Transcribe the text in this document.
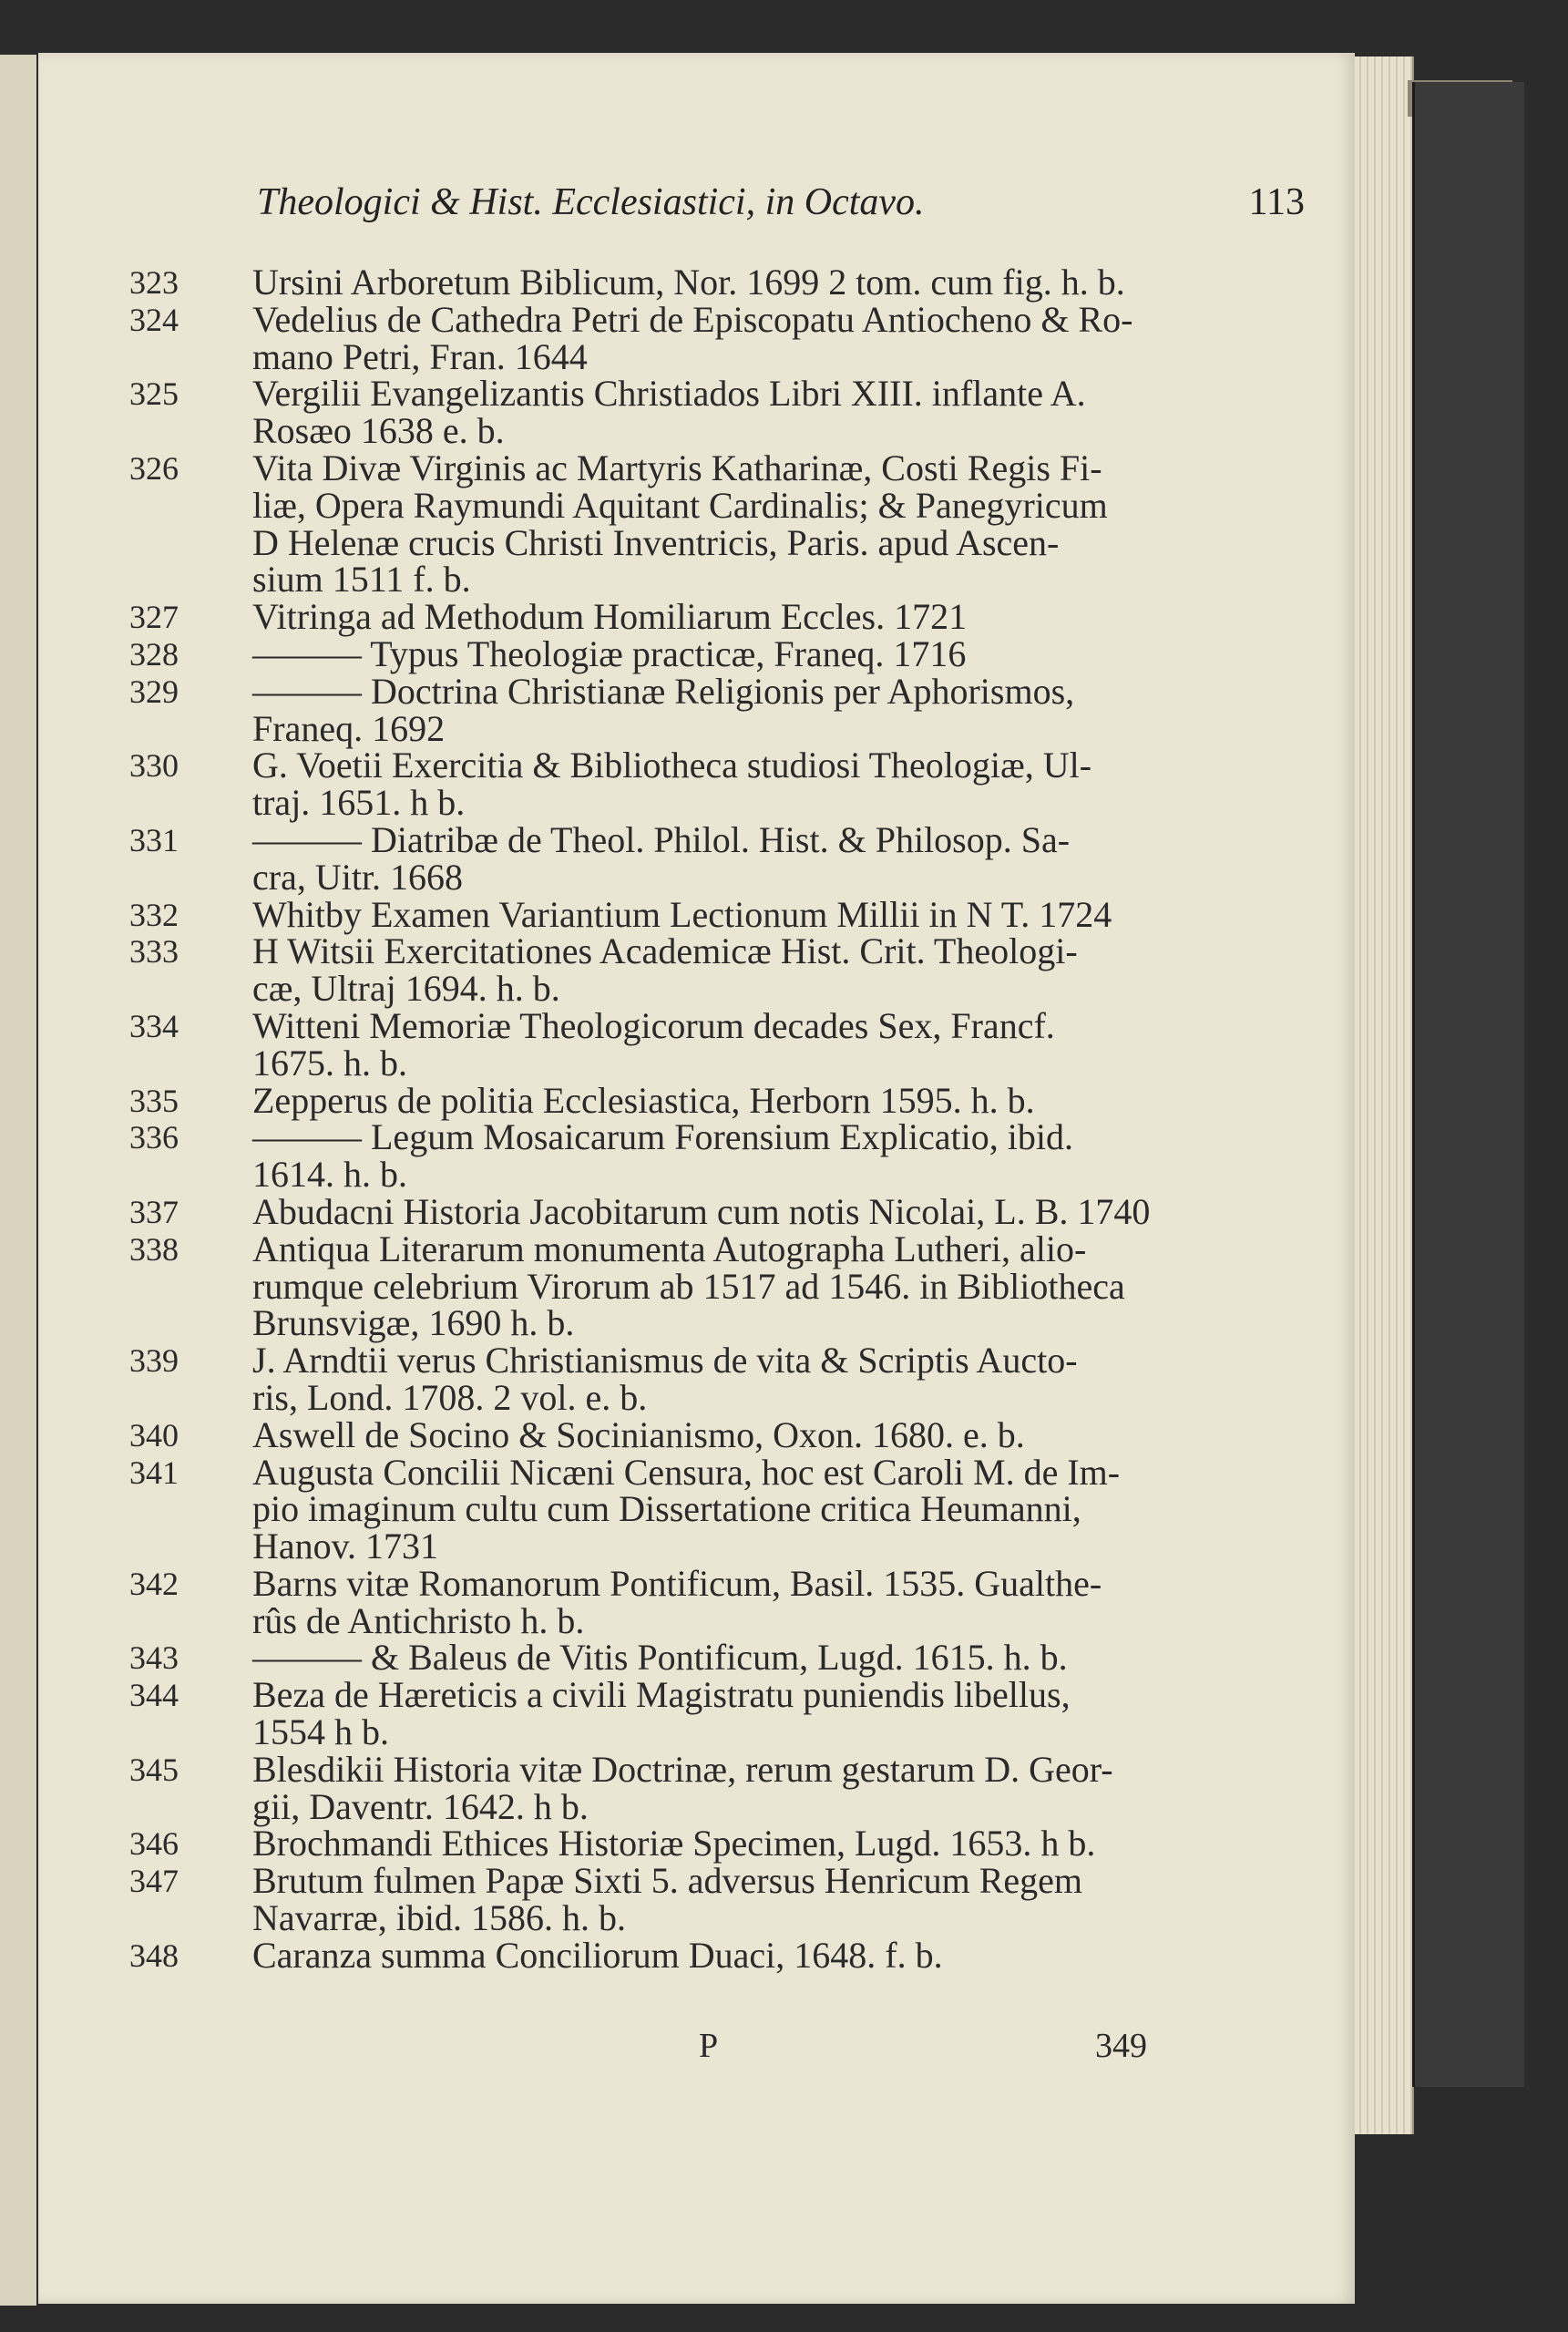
Theologici & Hist. Ecclesiastici, in Octavo.	113
323	Ursini Arboretum Biblicum, Nor. 1699 2 tom. cum fig. h. b.
324	Vedelius de Cathedra Petri de Episcopatu Antiocheno & Ro-
mano Petri, Fran. 1644
325	Vergilii Evangelizantis Christiados Libri XIII. inflante A.
Rosæo 1638 e. b.
326	Vita Divæ Virginis ac Martyris Katharinæ, Costi Regis Fi-
liæ, Opera Raymundi Aquitant Cardinalis; & Panegyricum
D Helenæ crucis Christi Inventricis, Paris. apud Ascen-
sium 1511 f. b.
327	Vitringa ad Methodum Homiliarum Eccles. 1721
328	——— Typus Theologiæ practicæ, Franeq. 1716
329	——— Doctrina Christianæ Religionis per Aphorismos,
Franeq. 1692
330	G. Voetii Exercitia & Bibliotheca studiosi Theologiæ, Ul-
traj. 1651. h b.
331	——— Diatribæ de Theol. Philol. Hist. & Philosop. Sa-
cra, Uitr. 1668
332	Whitby Examen Variantium Lectionum Millii in N T. 1724
333	H Witsii Exercitationes Academicæ Hist. Crit. Theologi-
cæ, Ultraj 1694. h. b.
334	Witteni Memoriæ Theologicorum decades Sex, Francf.
1675. h. b.
335	Zepperus de politia Ecclesiastica, Herborn 1595. h. b.
336	——— Legum Mosaicarum Forensium Explicatio, ibid.
1614. h. b.
337	Abudacni Historia Jacobitarum cum notis Nicolai, L. B. 1740
338	Antiqua Literarum monumenta Autographa Lutheri, alio-
rumque celebrium Virorum ab 1517 ad 1546. in Bibliotheca
Brunsvigæ, 1690 h. b.
339	J. Arndtii verus Christianismus de vita & Scriptis Aucto-
ris, Lond. 1708. 2 vol. e. b.
340	Aswell de Socino & Socinianismo, Oxon. 1680. e. b.
341	Augusta Concilii Nicæni Censura, hoc est Caroli M. de Im-
pio imaginum cultu cum Dissertatione critica Heumanni,
Hanov. 1731
342	Barns vitæ Romanorum Pontificum, Basil. 1535. Gualthe-
rûs de Antichristo h. b.
343	——— & Baleus de Vitis Pontificum, Lugd. 1615. h. b.
344	Beza de Hæreticis a civili Magistratu puniendis libellus,
1554 h b.
345	Blesdikii Historia vitæ Doctrinæ, rerum gestarum D. Geor-
gii, Daventr. 1642. h b.
346	Brochmandi Ethices Historiæ Specimen, Lugd. 1653. h b.
347	Brutum fulmen Papæ Sixti 5. adversus Henricum Regem
Navarræ, ibid. 1586. h. b.
348	Caranza summa Conciliorum Duaci, 1648. f. b.
P	349
